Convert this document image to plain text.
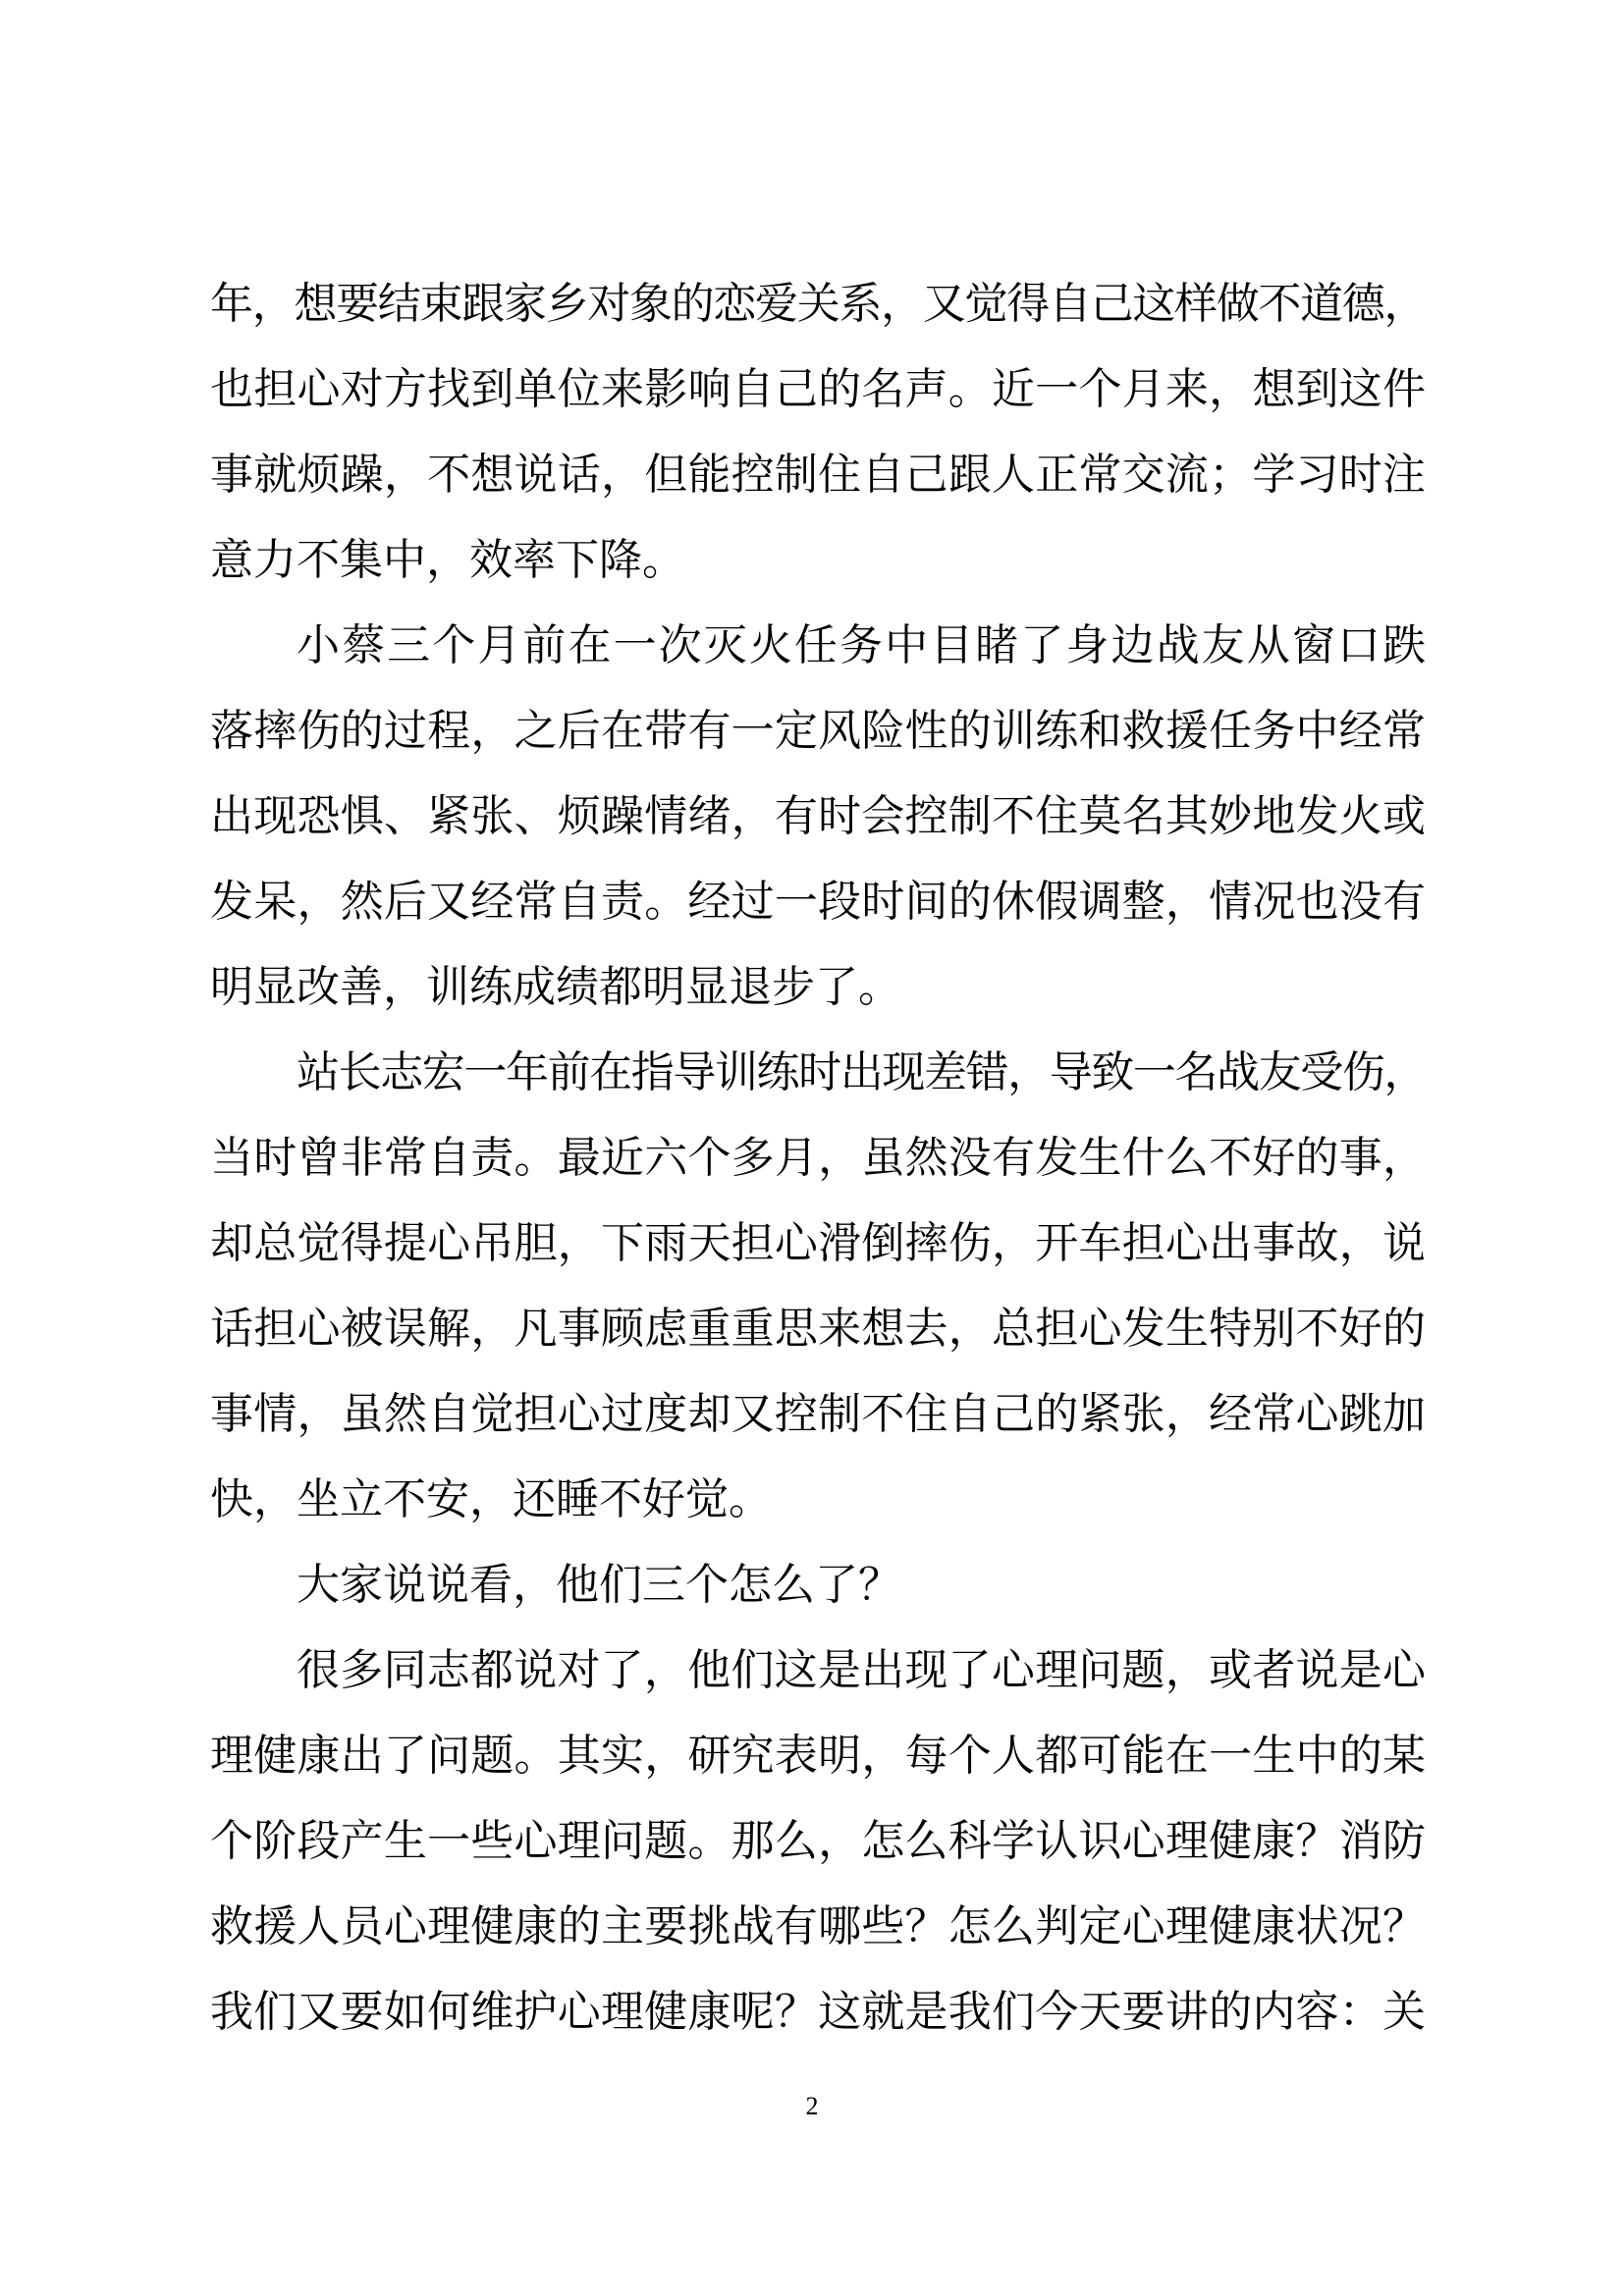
年，想要结束跟家乡对象的恋爱关系，又觉得自己这样做不道德，
也担心对方找到单位来影响自己的名声。近一个月来，想到这件
事就烦躁，不想说话，但能控制住自己跟人正常交流；学习时注
意力不集中，效率下降。
小蔡三个月前在一次灭火任务中目睹了身边战友从窗口跌
落摔伤的过程，之后在带有一定风险性的训练和救援任务中经常
出现恐惧、紧张、烦躁情绪，有时会控制不住莫名其妙地发火或
发呆，然后又经常自责。经过一段时间的休假调整，情况也没有
明显改善，训练成绩都明显退步了。
站长志宏一年前在指导训练时出现差错，导致一名战友受伤，
当时曾非常自责。最近六个多月，虽然没有发生什么不好的事，
却总觉得提心吊胆，下雨天担心滑倒摔伤，开车担心出事故，说
话担心被误解，凡事顾虑重重思来想去，总担心发生特别不好的
事情，虽然自觉担心过度却又控制不住自己的紧张，经常心跳加
快，坐立不安，还睡不好觉。
大家说说看，他们三个怎么了？
很多同志都说对了，他们这是出现了心理问题，或者说是心
理健康出了问题。其实，研究表明，每个人都可能在一生中的某
个阶段产生一些心理问题。那么，怎么科学认识心理健康？消防
救援人员心理健康的主要挑战有哪些？怎么判定心理健康状况？
我们又要如何维护心理健康呢？这就是我们今天要讲的内容：关
2
